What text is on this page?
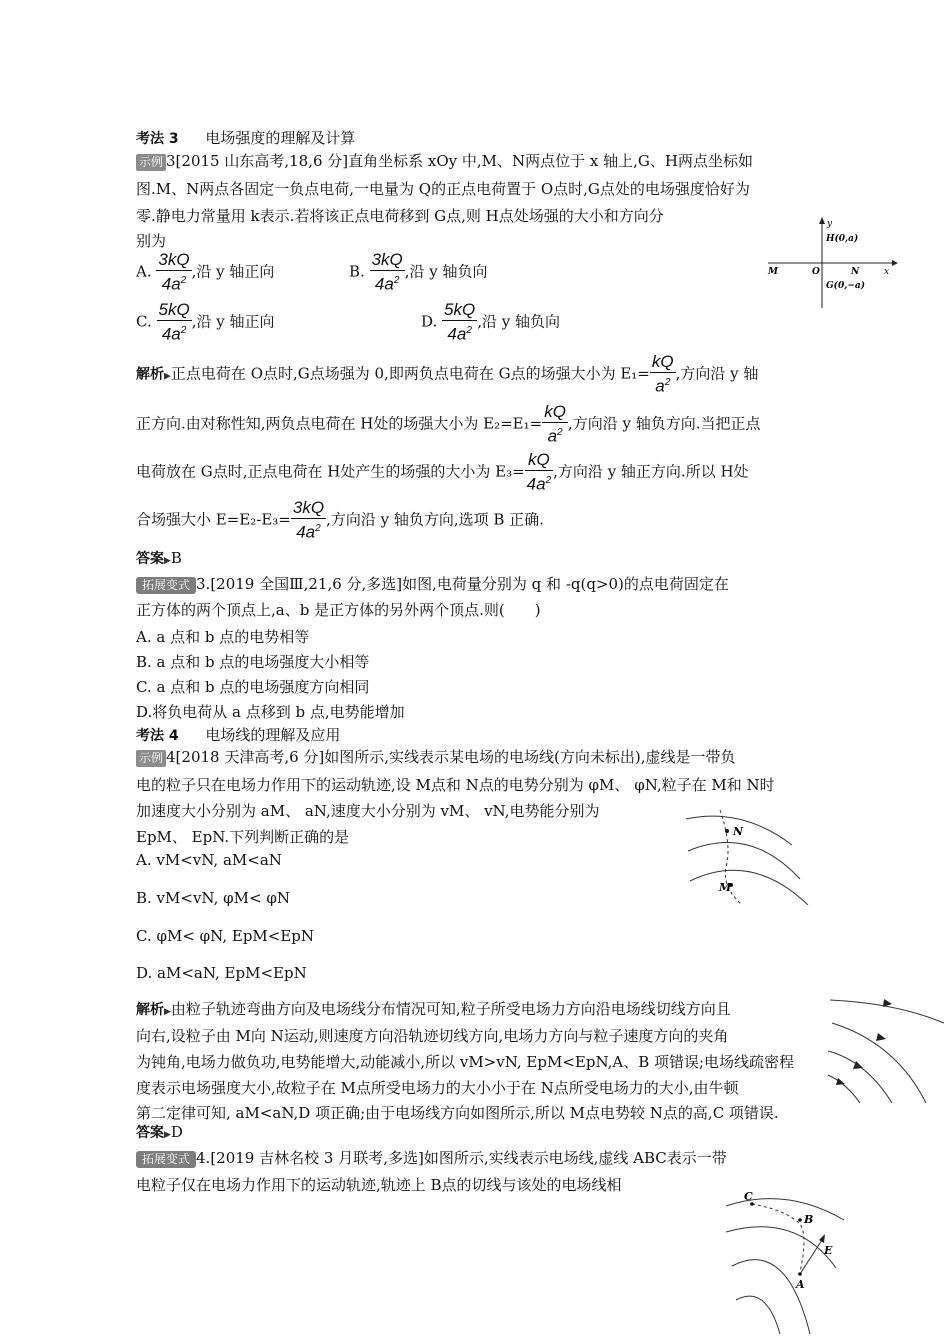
考法 3 电场强度的理解及计算
示例 3[2015 山东高考,18,6 分]直角坐标系 xOy 中,M、N两点位于 x 轴上,G、H两点坐标如
图.M、N两点各固定一负点电荷,一电量为 Q的正点电荷置于 O点时,G点处的电场强度恰好为
零.静电力常量用 k表示.若将该正点电荷移到 G点,则 H点处场强的大小和方向分
别为
A. $\frac{3kQ}{4a^2}$ ,沿 y 轴正向	B. $\frac{3kQ}{4a^2}$ ,沿 y 轴负向
C. $\frac{5kQ}{4a^2}$ ,沿 y 轴正向	D. $\frac{5kQ}{4a^2}$ ,沿 y 轴负向
y
x
H(0,a)
M	O	N
G(0,−a)
解析▶正点电荷在 O点时,G点场强为 0,即两负点电荷在 G点的场强大小为 $E_1= \frac{kQ}{a^2}$ ,方向沿 y 轴
正方向.由对称性知,两负点电荷在 H处的场强大小为 $E_2=E_1= \frac{kQ}{a^2}$ ,方向沿 y 轴负方向.当把正点
电荷放在 G点时,正点电荷在 H处产生的场强的大小为 $E_3= \frac{kQ}{4a^2}$ ,方向沿 y 轴正方向.所以 H处
合场强大小 $E=E_2-E_3= \frac{3kQ}{4a^2}$ ,方向沿 y 轴负方向,选项 B 正确.
答案▶B
拓展变式 3.[2019 全国Ⅲ,21,6 分,多选]如图,电荷量分别为 q 和 -q(q>0)的点电荷固定在
正方体的两个顶点上,a、b 是正方体的另外两个顶点.则(　　)
A. a 点和 b 点的电势相等
B. a 点和 b 点的电场强度大小相等
C. a 点和 b 点的电场强度方向相同
D.将负电荷从 a 点移到 b 点,电势能增加
考法 4 电场线的理解及应用
示例 4[2018 天津高考,6 分]如图所示,实线表示某电场的电场线(方向未标出),虚线是一带负
电的粒子只在电场力作用下的运动轨迹,设 M点和 N点的电势分别为 φM、 φN,粒子在 M和 N时
加速度大小分别为 aM、 aN,速度大小分别为 vM、 vN,电势能分别为
EpM、 EpN.下列判断正确的是
A. vM<vN, aM<aN
B. vM<vN, φM< φN
C. φM< φN, EpM<EpN
D. aM<aN, EpM<EpN
N
M
解析▶由粒子轨迹弯曲方向及电场线分布情况可知,粒子所受电场力方向沿电场线切线方向且
向右,设粒子由 M向 N运动,则速度方向沿轨迹切线方向,电场力方向与粒子速度方向的夹角
为钝角,电场力做负功,电势能增大,动能减小,所以 vM>vN, EpM<EpN,A、B 项错误;电场线疏密程
度表示电场强度大小,故粒子在 M点所受电场力的大小小于在 N点所受电场力的大小,由牛顿
第二定律可知, aM<aN,D 项正确;由于电场线方向如图所示,所以 M点电势较 N点的高,C 项错误.
答案▶D
拓展变式 4.[2019 吉林名校 3 月联考,多选]如图所示,实线表示电场线,虚线 ABC表示一带
电粒子仅在电场力作用下的运动轨迹,轨迹上 B点的切线与该处的电场线相
C
B
E
A
